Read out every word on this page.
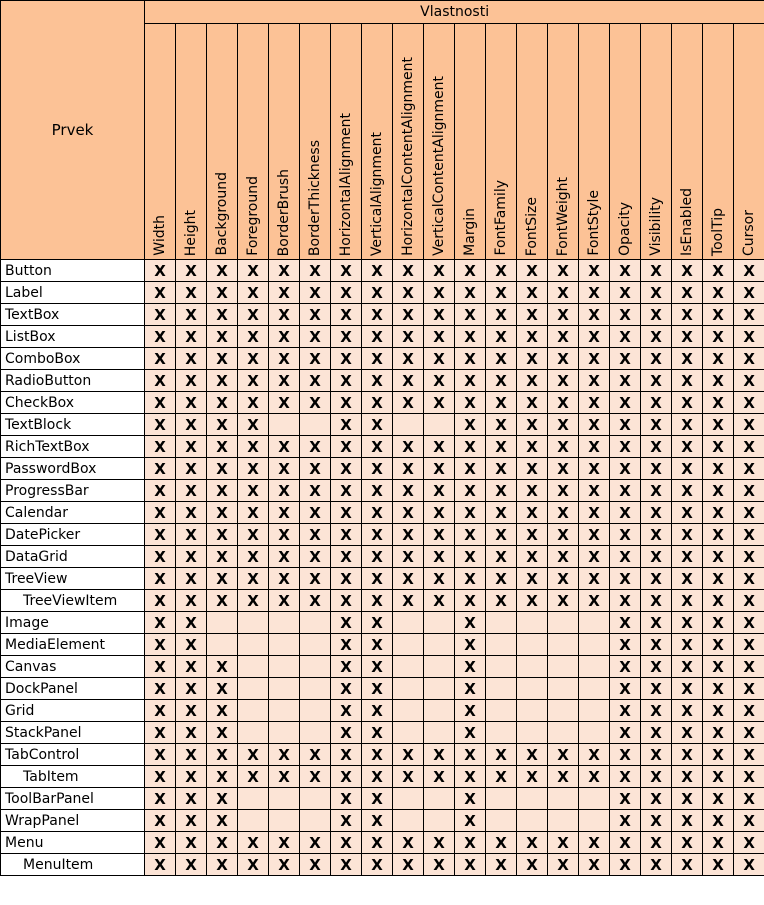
Prvek	Vlastnosti																			

	Width	Height	Background	Foreground	BorderBrush	BorderThickness	HorizontalAlignment	VerticalAlignment	HorizontalContentAlignment	VerticalContentAlignment	Margin	FontFamily	FontSize	FontWeight	FontStyle	Opacity	Visibility	IsEnabled	ToolTip	Cursor

Button	X	X	X	X	X	X	X	X	X	X	X	X	X	X	X	X	X	X	X	X
Label	X	X	X	X	X	X	X	X	X	X	X	X	X	X	X	X	X	X	X	X
TextBox	X	X	X	X	X	X	X	X	X	X	X	X	X	X	X	X	X	X	X	X
ListBox	X	X	X	X	X	X	X	X	X	X	X	X	X	X	X	X	X	X	X	X
ComboBox	X	X	X	X	X	X	X	X	X	X	X	X	X	X	X	X	X	X	X	X
RadioButton	X	X	X	X	X	X	X	X	X	X	X	X	X	X	X	X	X	X	X	X
CheckBox	X	X	X	X	X	X	X	X	X	X	X	X	X	X	X	X	X	X	X	X
TextBlock	X	X	X	X			X	X			X	X	X	X	X	X	X	X	X	X
RichTextBox	X	X	X	X	X	X	X	X	X	X	X	X	X	X	X	X	X	X	X	X
PasswordBox	X	X	X	X	X	X	X	X	X	X	X	X	X	X	X	X	X	X	X	X
ProgressBar	X	X	X	X	X	X	X	X	X	X	X	X	X	X	X	X	X	X	X	X
Calendar	X	X	X	X	X	X	X	X	X	X	X	X	X	X	X	X	X	X	X	X
DatePicker	X	X	X	X	X	X	X	X	X	X	X	X	X	X	X	X	X	X	X	X
DataGrid	X	X	X	X	X	X	X	X	X	X	X	X	X	X	X	X	X	X	X	X
TreeView	X	X	X	X	X	X	X	X	X	X	X	X	X	X	X	X	X	X	X	X
TreeViewItem	X	X	X	X	X	X	X	X	X	X	X	X	X	X	X	X	X	X	X	X
Image	X	X					X	X			X					X	X	X	X	X
MediaElement	X	X					X	X			X					X	X	X	X	X
Canvas	X	X	X				X	X			X					X	X	X	X	X
DockPanel	X	X	X				X	X			X					X	X	X	X	X
Grid	X	X	X				X	X			X					X	X	X	X	X
StackPanel	X	X	X				X	X			X					X	X	X	X	X
TabControl	X	X	X	X	X	X	X	X	X	X	X	X	X	X	X	X	X	X	X	X
TabItem	X	X	X	X	X	X	X	X	X	X	X	X	X	X	X	X	X	X	X	X
ToolBarPanel	X	X	X				X	X			X					X	X	X	X	X
WrapPanel	X	X	X				X	X			X					X	X	X	X	X
Menu	X	X	X	X	X	X	X	X	X	X	X	X	X	X	X	X	X	X	X	X
MenuItem	X	X	X	X	X	X	X	X	X	X	X	X	X	X	X	X	X	X	X	X
